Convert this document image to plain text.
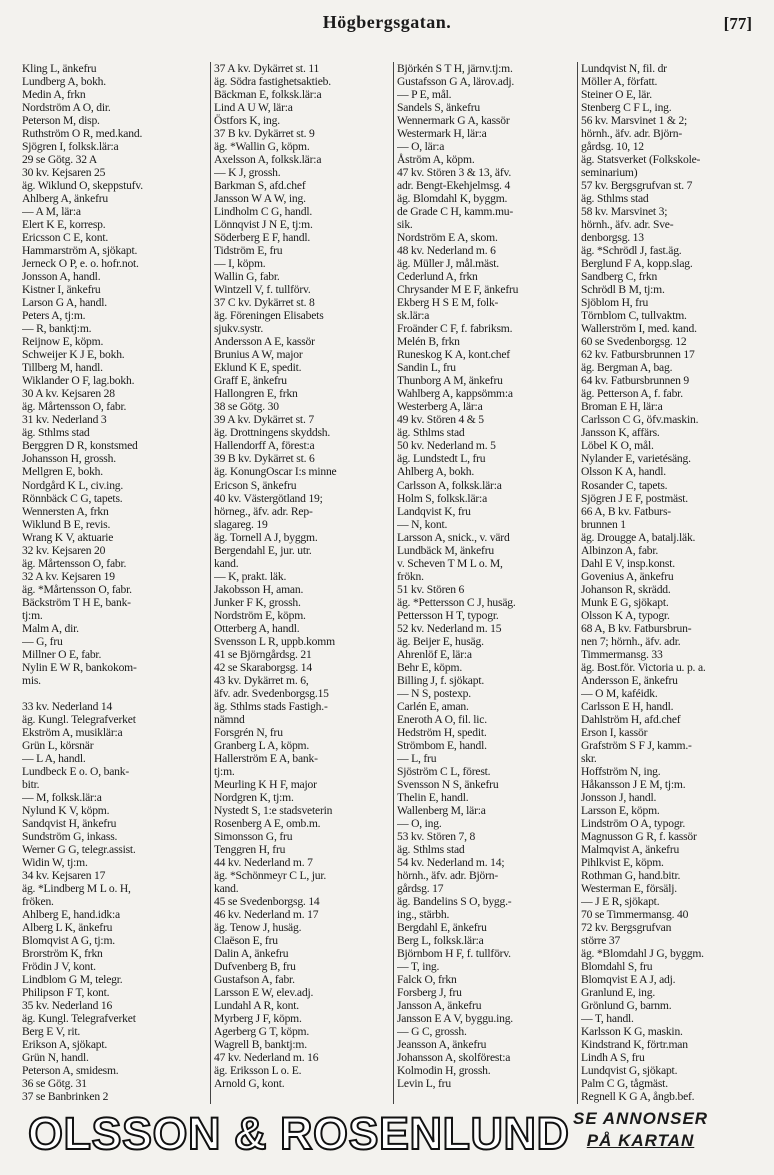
Högbergsgatan.	[77]
Kling L, änkefru
Lundberg A, bokh.
Medin A, frkn
Nordström A O, dir.
Peterson M, disp.
Ruthström O R, med.kand.
Sjögren I, folksk.lär:a
29 se Götg. 32 A
30 kv. Kejsaren 25
äg. Wiklund O, skeppstufv.
Ahlberg A, änkefru
— A M, lär:a
Elert K E, korresp.
Ericsson C E, kont.
Hammarström A, sjökapt.
Jerneck O P, e. o. hofr.not.
Jonsson A, handl.
Kistner I, änkefru
Larson G A, handl.
Peters A, tj:m.
— R, banktj:m.
Reijnow E, köpm.
Schweijer K J E, bokh.
Tillberg M, handl.
Wiklander O F, lag.bokh.
30 A kv. Kejsaren 28
äg. Mårtensson O, fabr.
31 kv. Nederland 3
äg. Sthlms stad
Berggren D R, konstsmed
Johansson H, grossh.
Mellgren E, bokh.
Nordgård K L, civ.ing.
Rönnbäck C G, tapets.
Wennersten A, frkn
Wiklund B E, revis.
Wrang K V, aktuarie
32 kv. Kejsaren 20
äg. Mårtensson O, fabr.
32 A kv. Kejsaren 19
äg. *Mårtensson O, fabr.
Bäckström T H E, bank-
tj:m.
Malm A, dir.
— G, fru
Millner O E, fabr.
Nylin E W R, bankokom-
mis.
33 kv. Nederland 14
äg. Kungl. Telegrafverket
Ekström A, musiklär:a
Grün L, körsnär
— L A, handl.
Lundbeck E o. O, bank-
bitr.
— M, folksk.lär:a
Nylund K V, köpm.
Sandqvist H, änkefru
Sundström G, inkass.
Werner G G, telegr.assist.
Widin W, tj:m.
34 kv. Kejsaren 17
äg. *Lindberg M L o. H,
fröken.
Ahlberg E, hand.idk:a
Alberg L K, änkefru
Blomqvist A G, tj:m.
Brorström K, frkn
Frödin J V, kont.
Lindblom G M, telegr.
Philipson F T, kont.
35 kv. Nederland 16
äg. Kungl. Telegrafverket
Berg E V, rit.
Erikson A, sjökapt.
Grün N, handl.
Peterson A, smidesm.
36 se Götg. 31
37 se Banbrinken 2
37 A kv. Dykärret st. 11
äg. Södra fastighetsaktieb.
Bäckman E, folksk.lär:a
Lind A U W, lär:a
Östfors K, ing.
37 B kv. Dykärret st. 9
äg. *Wallin G, köpm.
Axelsson A, folksk.lär:a
— K J, grossh.
Barkman S, afd.chef
Jansson W A W, ing.
Lindholm C G, handl.
Lönnqvist J N E, tj:m.
Söderberg E F, handl.
Tidström E, fru
— I, köpm.
Wallin G, fabr.
Wintzell V, f. tullförv.
37 C kv. Dykärret st. 8
äg. Föreningen Elisabets
sjukv.systr.
Andersson A E, kassör
Brunius A W, major
Eklund K E, spedit.
Graff E, änkefru
Hallongren E, frkn
38 se Götg. 30
39 A kv. Dykärret st. 7
äg. Drottningens skyddsh.
Hallendorff A, förest:a
39 B kv. Dykärret st. 6
äg. KonungOscar I:s minne
Ericson S, änkefru
40 kv. Västergötland 19;
hörneg., äfv. adr. Rep-
slagareg. 19
äg. Tornell A J, byggm.
Bergendahl E, jur. utr.
kand.
— K, prakt. läk.
Jakobsson H, aman.
Junker F K, grossh.
Nordström E, köpm.
Otterberg A, handl.
Svensson L R, uppb.komm
41 se Björngårdsg. 21
42 se Skaraborgsg. 14
43 kv. Dykärret m. 6,
äfv. adr. Svedenborgsg.15
äg. Sthlms stads Fastigh.-
nämnd
Forsgrén N, fru
Granberg L A, köpm.
Hallerström E A, bank-
tj:m.
Meurling K H F, major
Nordgren K, tj:m.
Nystedt S, 1:e stadsveterin
Rosenberg A E, omb.m.
Simonsson G, fru
Tenggren H, fru
44 kv. Nederland m. 7
äg. *Schönmeyr C L, jur.
kand.
45 se Svedenborgsg. 14
46 kv. Nederland m. 17
äg. Tenow J, husäg.
Claëson E, fru
Dalin A, änkefru
Dufvenberg B, fru
Gustafson A, fabr.
Larsson E W, elev.adj.
Lundahl A R, kont.
Myrberg J F, köpm.
Agerberg G T, köpm.
Wagrell B, banktj:m.
47 kv. Nederland m. 16
äg. Eriksson L o. E.
Arnold G, kont.
Björkén S T H, järnv.tj:m.
Gustafsson G A, lärov.adj.
— P E, mål.
Sandels S, änkefru
Wennermark G A, kassör
Westermark H, lär:a
— O, lär:a
Åström A, köpm.
47 kv. Stören 3 & 13, äfv.
adr. Bengt-Ekehjelmsg. 4
äg. Blomdahl K, byggm.
de Grade C H, kamm.mu-
sik.
Nordström E A, skom.
48 kv. Nederland m. 6
äg. Müller J, mål.mäst.
Cederlund A, frkn
Chrysander M E F, änkefru
Ekberg H S E M, folk-
sk.lär:a
Froänder C F, f. fabriksm.
Melén B, frkn
Runeskog K A, kont.chef
Sandin L, fru
Thunborg A M, änkefru
Wahlberg A, kappsömm:a
Westerberg A, lär:a
49 kv. Stören 4 & 5
äg. Sthlms stad
50 kv. Nederland m. 5
äg. Lundstedt L, fru
Ahlberg A, bokh.
Carlsson A, folksk.lär:a
Holm S, folksk.lär:a
Landqvist K, fru
— N, kont.
Larsson A, snick., v. värd
Lundbäck M, änkefru
v. Scheven T M L o. M,
frökn.
51 kv. Stören 6
äg. *Pettersson C J, husäg.
Pettersson H T, typogr.
52 kv. Nederland m. 15
äg. Beijer E, husäg.
Ahrenlöf E, lär:a
Behr E, köpm.
Billing J, f. sjökapt.
— N S, postexp.
Carlén E, aman.
Eneroth A O, fil. lic.
Hedström H, spedit.
Strömbom E, handl.
— L, fru
Sjöström C L, förest.
Svensson N S, änkefru
Thelin E, handl.
Wallenberg M, lär:a
— O, ing.
53 kv. Stören 7, 8
äg. Sthlms stad
54 kv. Nederland m. 14;
hörnh., äfv. adr. Björn-
gårdsg. 17
äg. Bandelins S O, bygg.-
ing., stärbh.
Bergdahl E, änkefru
Berg L, folksk.lär:a
Björnbom H F, f. tullförv.
— T, ing.
Falck O, frkn
Forsberg J, fru
Jansson A, änkefru
Jansson E A V, byggu.ing.
— G C, grossh.
Jeansson A, änkefru
Johansson A, skolförest:a
Kolmodin H, grossh.
Levin L, fru
Lundqvist N, fil. dr
Möller A, författ.
Steiner O E, lär.
Stenberg C F L, ing.
56 kv. Marsvinet 1 & 2;
hörnh., äfv. adr. Björn-
gårdsg. 10, 12
äg. Statsverket (Folkskole-
seminarium)
57 kv. Bergsgrufvan st. 7
äg. Sthlms stad
58 kv. Marsvinet 3;
hörnh., äfv. adr. Sve-
denborgsg. 13
äg. *Schrödl J, fast.äg.
Berglund F A, kopp.slag.
Sandberg C, frkn
Schrödl B M, tj:m.
Sjöblom H, fru
Törnblom C, tullvaktm.
Wallerström I, med. kand.
60 se Svedenborgsg. 12
62 kv. Fatbursbrunnen 17
äg. Bergman A, bag.
64 kv. Fatbursbrunnen 9
äg. Petterson A, f. fabr.
Broman E H, lär:a
Carlsson C G, öfv.maskin.
Jansson K, affärs.
Löbel K O, mål.
Nylander E, varietésäng.
Olsson K A, handl.
Rosander C, tapets.
Sjögren J E F, postmäst.
66 A, B kv. Fatburs-
brunnen 1
äg. Drougge A, batalj.läk.
Albinzon A, fabr.
Dahl E V, insp.konst.
Govenius A, änkefru
Johanson R, skrädd.
Munk E G, sjökapt.
Olsson K A, typogr.
68 A, B kv. Fatbursbrun-
nen 7; hörnh., äfv. adr.
Timmermansg. 33
äg. Bost.för. Victoria u. p. a.
Andersson E, änkefru
— O M, kaféidk.
Carlsson E H, handl.
Dahlström H, afd.chef
Erson I, kassör
Grafström S F J, kamm.-
skr.
Hoffström N, ing.
Håkansson J E M, tj:m.
Jonsson J, handl.
Larsson E, köpm.
Lindström O A, typogr.
Magnusson G R, f. kassör
Malmqvist A, änkefru
Pihlkvist E, köpm.
Rothman G, hand.bitr.
Westerman E, försälj.
— J E R, sjökapt.
70 se Timmermansg. 40
72 kv. Bergsgrufvan
större 37
äg. *Blomdahl J G, byggm.
Blomdahl S, fru
Blomqvist E A J, adj.
Granlund E, ing.
Grönlund G, barnm.
— T, handl.
Karlsson K G, maskin.
Kindstrand K, förtr.man
Lindh A S, fru
Lundqvist G, sjökapt.
Palm C G, tågmäst.
Regnell K G A, ångb.bef.
OLSSON & ROSENLUND SE ANNONSER
PÅ KARTAN
